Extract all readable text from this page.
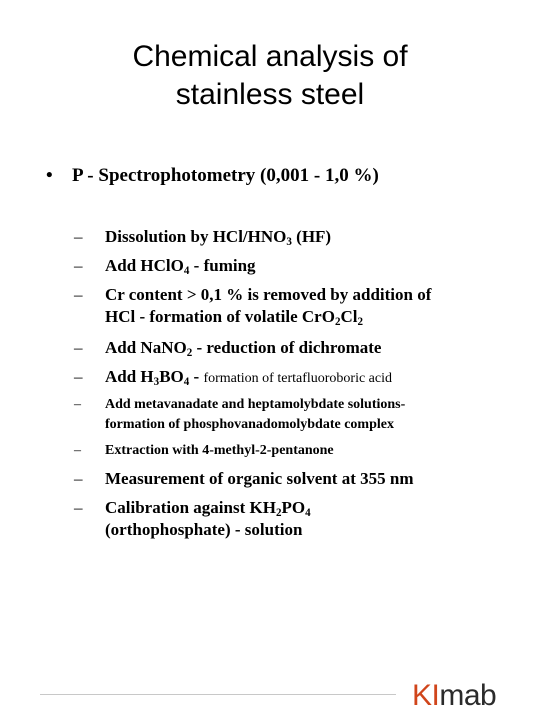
Chemical analysis of
stainless steel
• P - Spectrophotometry (0,001 - 1,0 %)
– Dissolution by HCl/$HNO_3$ (HF)
– Add HClO$_4$ - fuming
– Cr content > 0,1 % is removed by addition of
HCl - formation of volatile $CrO_2Cl_2$
– Add NaNO$_2$ - reduction of dichromate
– Add $H_3BO_4$ - formation of tertafluoroboric acid
– Add metavanadate and heptamolybdate solutions-
formation of phosphovanadomolybdate complex
– Extraction with 4-methyl-2-pentanone
– Measurement of organic solvent at 355 nm
– Calibration against $KH_2PO_4$
(orthophosphate) - solution
KImab
